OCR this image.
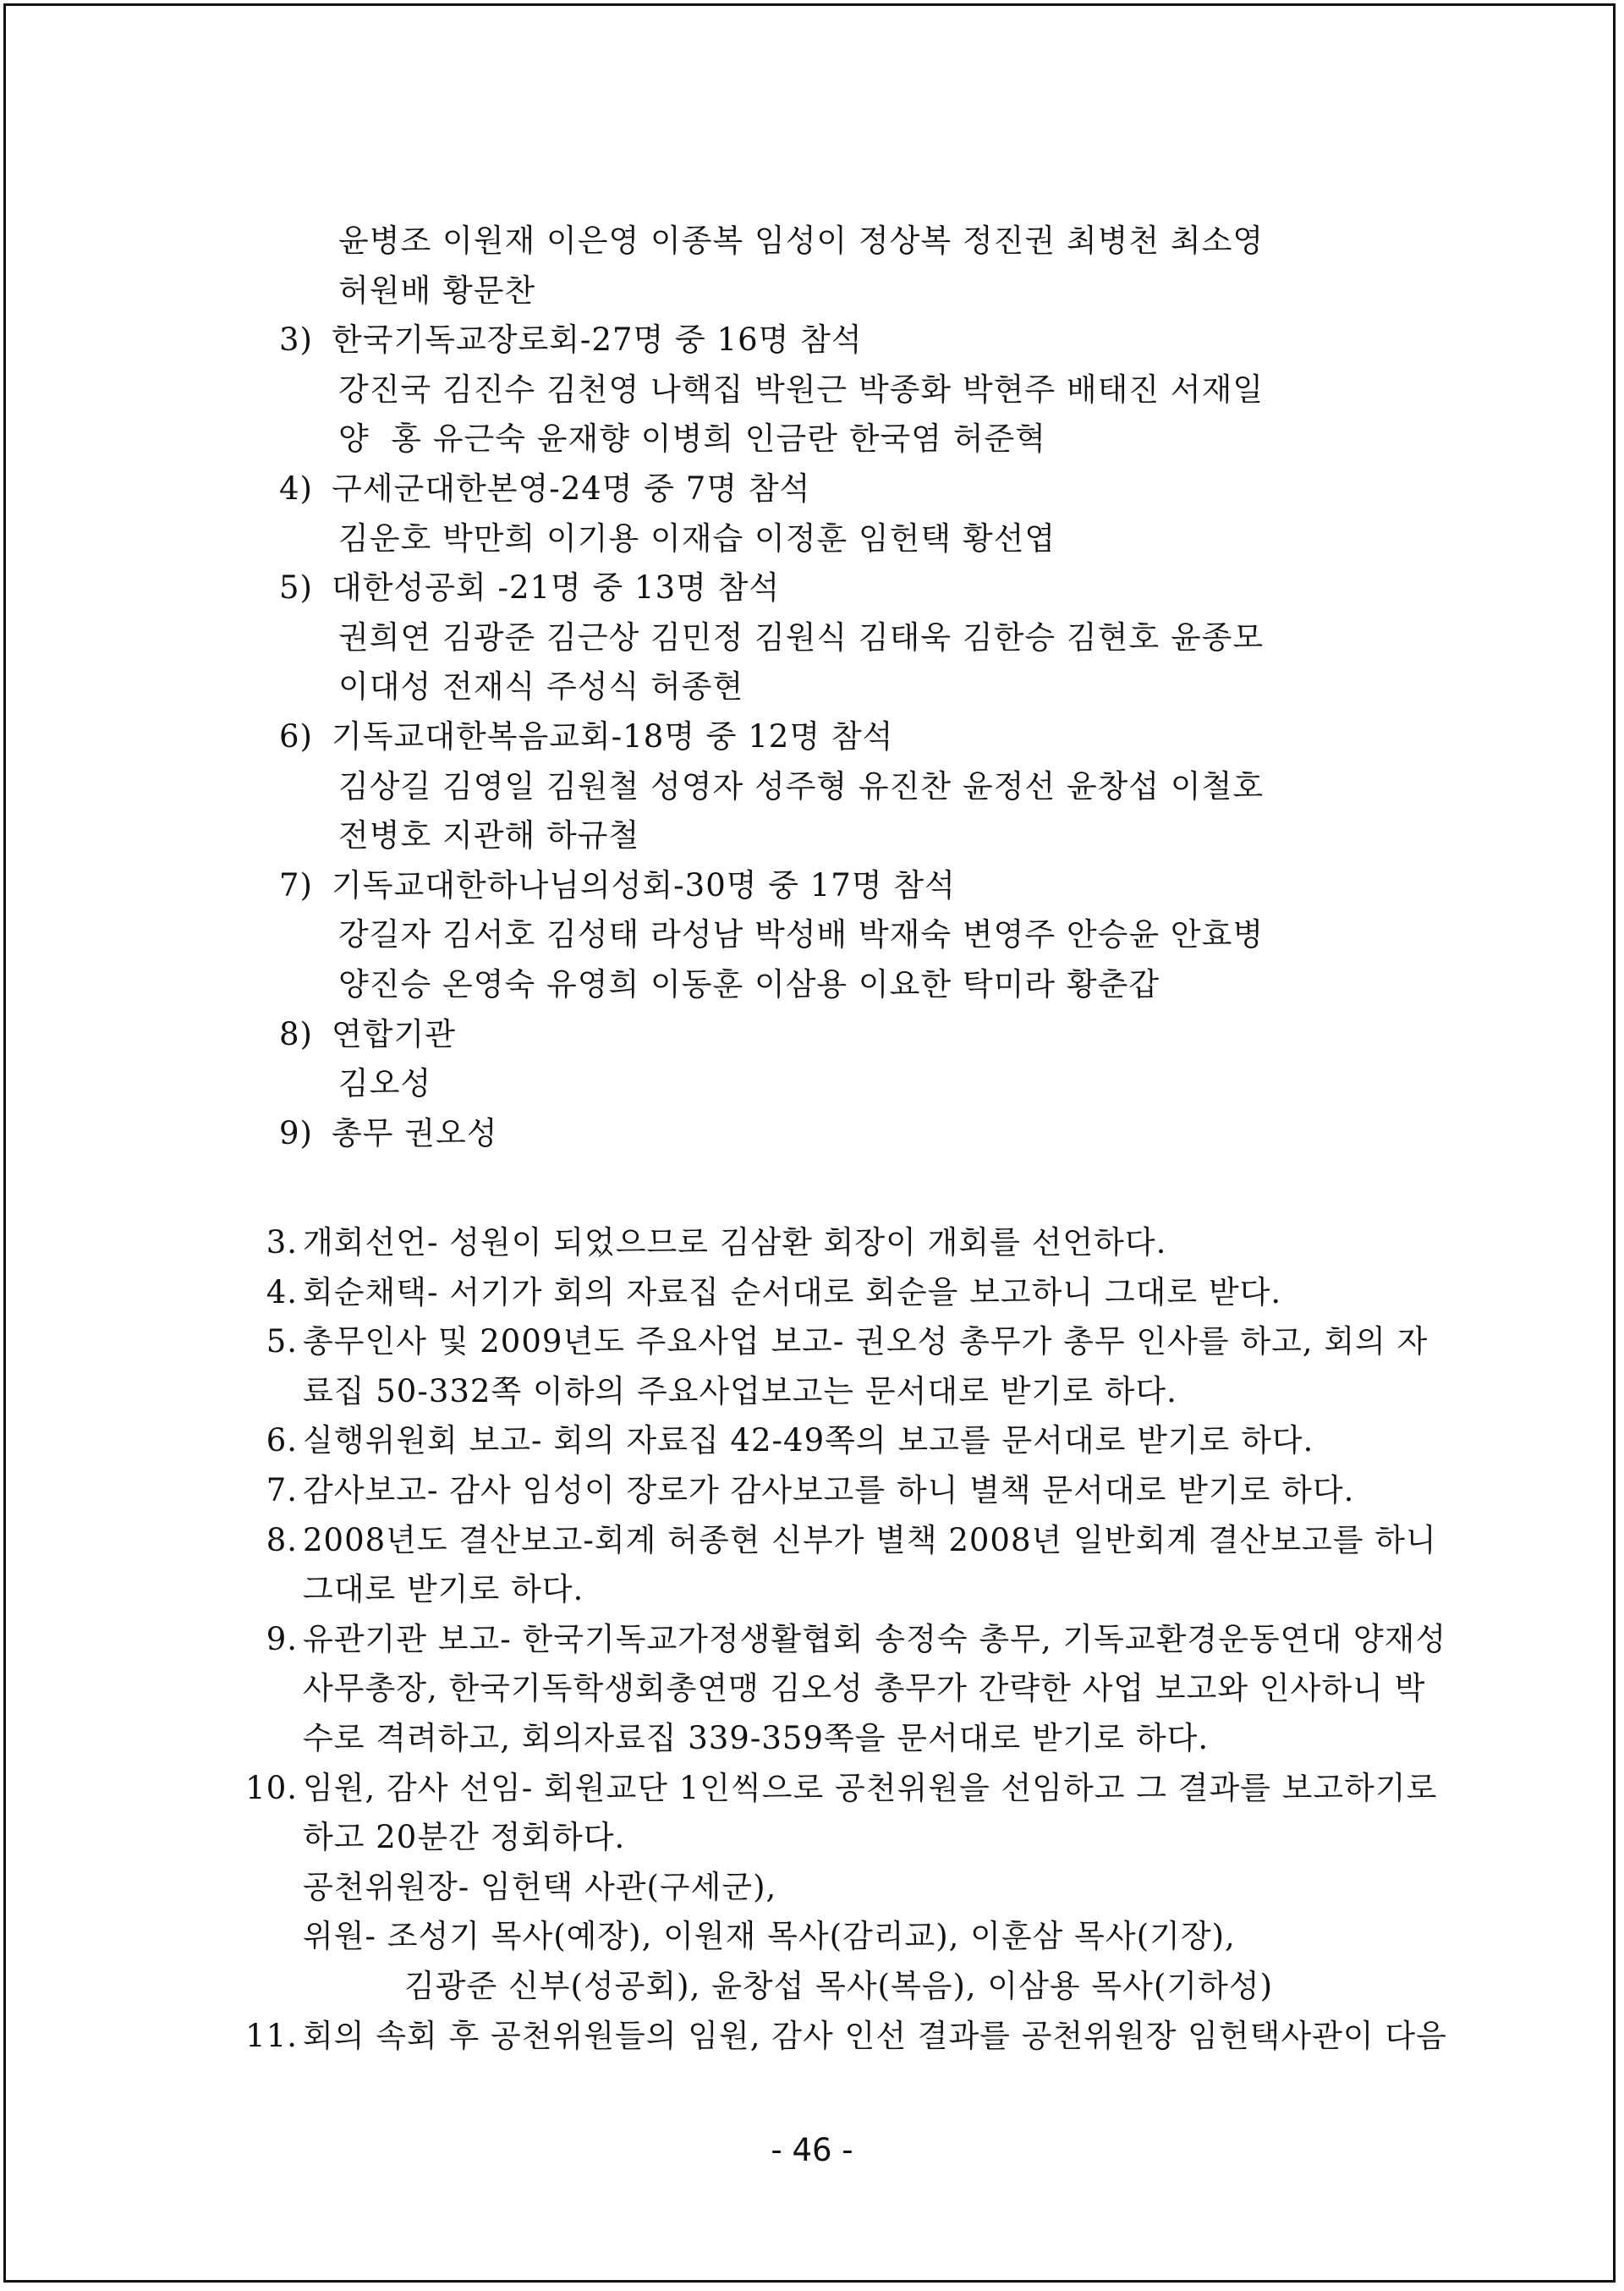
윤병조 이원재 이은영 이종복 임성이 정상복 정진권 최병천 최소영
허원배 황문찬
3) 한국기독교장로회-27명 중 16명 참석
강진국 김진수 김천영 나핵집 박원근 박종화 박현주 배태진 서재일
양  홍 유근숙 윤재향 이병희 인금란 한국염 허준혁
4) 구세군대한본영-24명 중 7명 참석
김운호 박만희 이기용 이재습 이정훈 임헌택 황선엽
5) 대한성공회 -21명 중 13명 참석
권희연 김광준 김근상 김민정 김원식 김태욱 김한승 김현호 윤종모
이대성 전재식 주성식 허종현
6) 기독교대한복음교회-18명 중 12명 참석
김상길 김영일 김원철 성영자 성주형 유진찬 윤정선 윤창섭 이철호
전병호 지관해 하규철
7) 기독교대한하나님의성회-30명 중 17명 참석
강길자 김서호 김성태 라성남 박성배 박재숙 변영주 안승윤 안효병
양진승 온영숙 유영희 이동훈 이삼용 이요한 탁미라 황춘갑
8) 연합기관
김오성
9) 총무 권오성
3. 개회선언- 성원이 되었으므로 김삼환 회장이 개회를 선언하다.
4. 회순채택- 서기가 회의 자료집 순서대로 회순을 보고하니 그대로 받다.
5. 총무인사 및 2009년도 주요사업 보고- 권오성 총무가 총무 인사를 하고, 회의 자
료집 50-332쪽 이하의 주요사업보고는 문서대로 받기로 하다.
6. 실행위원회 보고- 회의 자료집 42-49쪽의 보고를 문서대로 받기로 하다.
7. 감사보고- 감사 임성이 장로가 감사보고를 하니 별책 문서대로 받기로 하다.
8. 2008년도 결산보고-회계 허종현 신부가 별책 2008년 일반회계 결산보고를 하니
그대로 받기로 하다.
9. 유관기관 보고- 한국기독교가정생활협회 송정숙 총무, 기독교환경운동연대 양재성
사무총장, 한국기독학생회총연맹 김오성 총무가 간략한 사업 보고와 인사하니 박
수로 격려하고, 회의자료집 339-359쪽을 문서대로 받기로 하다.
10. 임원, 감사 선임- 회원교단 1인씩으로 공천위원을 선임하고 그 결과를 보고하기로
하고 20분간 정회하다.
공천위원장- 임헌택 사관(구세군),
위원- 조성기 목사(예장), 이원재 목사(감리교), 이훈삼 목사(기장),
김광준 신부(성공회), 윤창섭 목사(복음), 이삼용 목사(기하성)
11. 회의 속회 후 공천위원들의 임원, 감사 인선 결과를 공천위원장 임헌택사관이 다음
- 46 -
